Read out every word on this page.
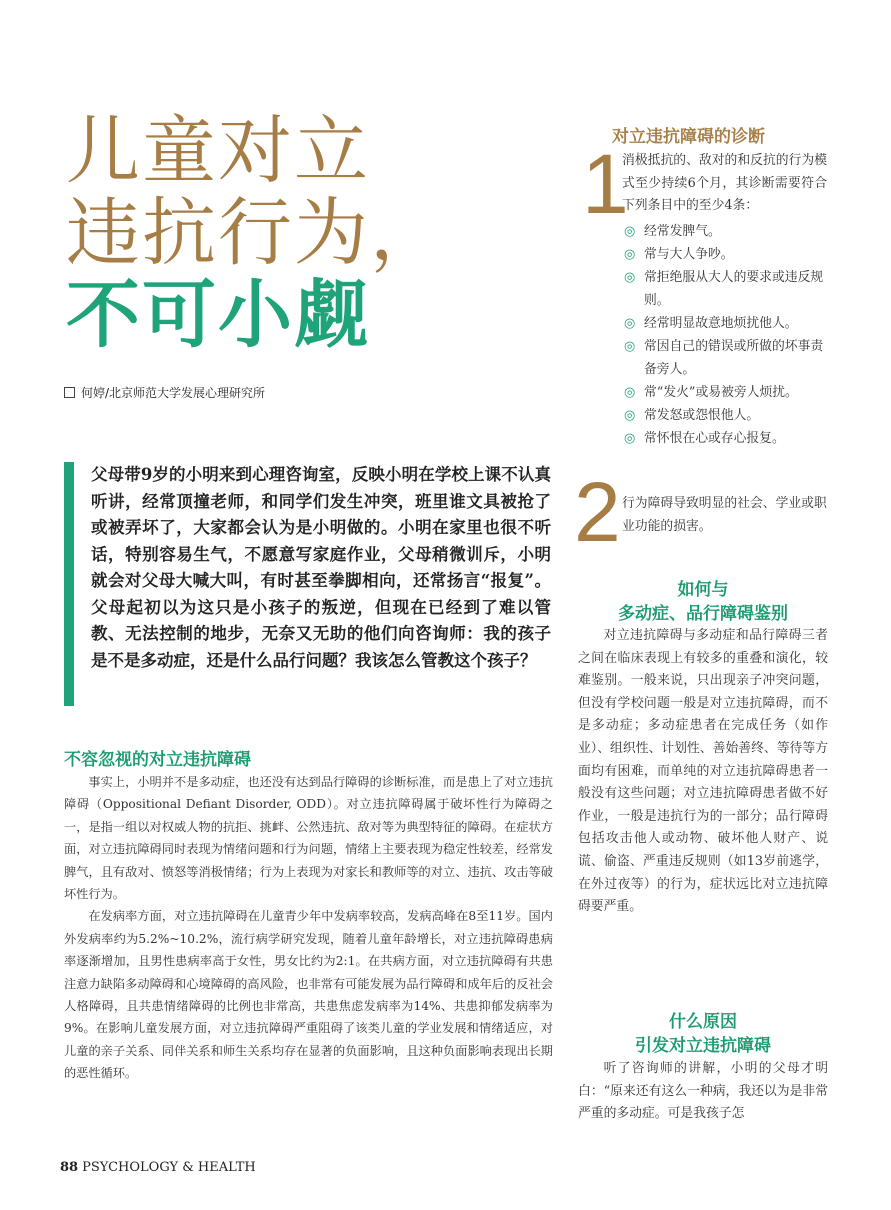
儿童对立
违抗行为，
不可小觑
何婷/北京师范大学发展心理研究所

父母带9岁的小明来到心理咨询室，反映小明在学校上课不认真听讲，经常顶撞老师，和同学们发生冲突，班里谁文具被抢了或被弄坏了，大家都会认为是小明做的。小明在家里也很不听话，特别容易生气，不愿意写家庭作业，父母稍微训斥，小明就会对父母大喊大叫，有时甚至拳脚相向，还常扬言“报复”。父母起初以为这只是小孩子的叛逆，但现在已经到了难以管教、无法控制的地步，无奈又无助的他们向咨询师：我的孩子是不是多动症，还是什么品行问题？我该怎么管教这个孩子？

不容忽视的对立违抗障碍

事实上，小明并不是多动症，也还没有达到品行障碍的诊断标准，而是患上了对立违抗障碍（Oppositional Defiant Disorder, ODD）。对立违抗障碍属于破坏性行为障碍之一，是指一组以对权威人物的抗拒、挑衅、公然违抗、敌对等为典型特征的障碍。在症状方面，对立违抗障碍同时表现为情绪问题和行为问题，情绪上主要表现为稳定性较差，经常发脾气，且有敌对、愤怒等消极情绪；行为上表现为对家长和教师等的对立、违抗、攻击等破坏性行为。

在发病率方面，对立违抗障碍在儿童青少年中发病率较高，发病高峰在8至11岁。国内外发病率约为5.2%~10.2%，流行病学研究发现，随着儿童年龄增长，对立违抗障碍患病率逐渐增加，且男性患病率高于女性，男女比约为2:1。在共病方面，对立违抗障碍有共患注意力缺陷多动障碍和心境障碍的高风险，也非常有可能发展为品行障碍和成年后的反社会人格障碍，且共患情绪障碍的比例也非常高，共患焦虑发病率为14%、共患抑郁发病率为9%。在影响儿童发展方面，对立违抗障碍严重阻碍了该类儿童的学业发展和情绪适应，对儿童的亲子关系、同伴关系和师生关系均存在显著的负面影响，且这种负面影响表现出长期的恶性循环。

对立违抗障碍的诊断
1

消极抵抗的、敌对的和反抗的行为模式至少持续6个月，其诊断需要符合下列条目中的至少4条：

◎ 经常发脾气。
◎ 常与大人争吵。
◎ 常拒绝服从大人的要求或违反规则。
◎ 经常明显故意地烦扰他人。
◎ 常因自己的错误或所做的坏事责备旁人。
◎ 常“发火”或易被旁人烦扰。
◎ 常发怒或怨恨他人。
◎ 常怀恨在心或存心报复。
2 行为障碍导致明显的社会、学业或职业功能的损害。

如何与
多动症、品行障碍鉴别

对立违抗障碍与多动症和品行障碍三者之间在临床表现上有较多的重叠和演化，较难鉴别。一般来说，只出现亲子冲突问题，但没有学校问题一般是对立违抗障碍，而不是多动症；多动症患者在完成任务（如作业）、组织性、计划性、善始善终、等待等方面均有困难，而单纯的对立违抗障碍患者一般没有这些问题；对立违抗障碍患者做不好作业，一般是违抗行为的一部分；品行障碍包括攻击他人或动物、破坏他人财产、说谎、偷盗、严重违反规则（如13岁前逃学，在外过夜等）的行为，症状远比对立违抗障碍要严重。

什么原因
引发对立违抗障碍

听了咨询师的讲解，小明的父母才明白：“原来还有这么一种病，我还以为是非常严重的多动症。可是我孩子怎

88 PSYCHOLOGY & HEALTH
